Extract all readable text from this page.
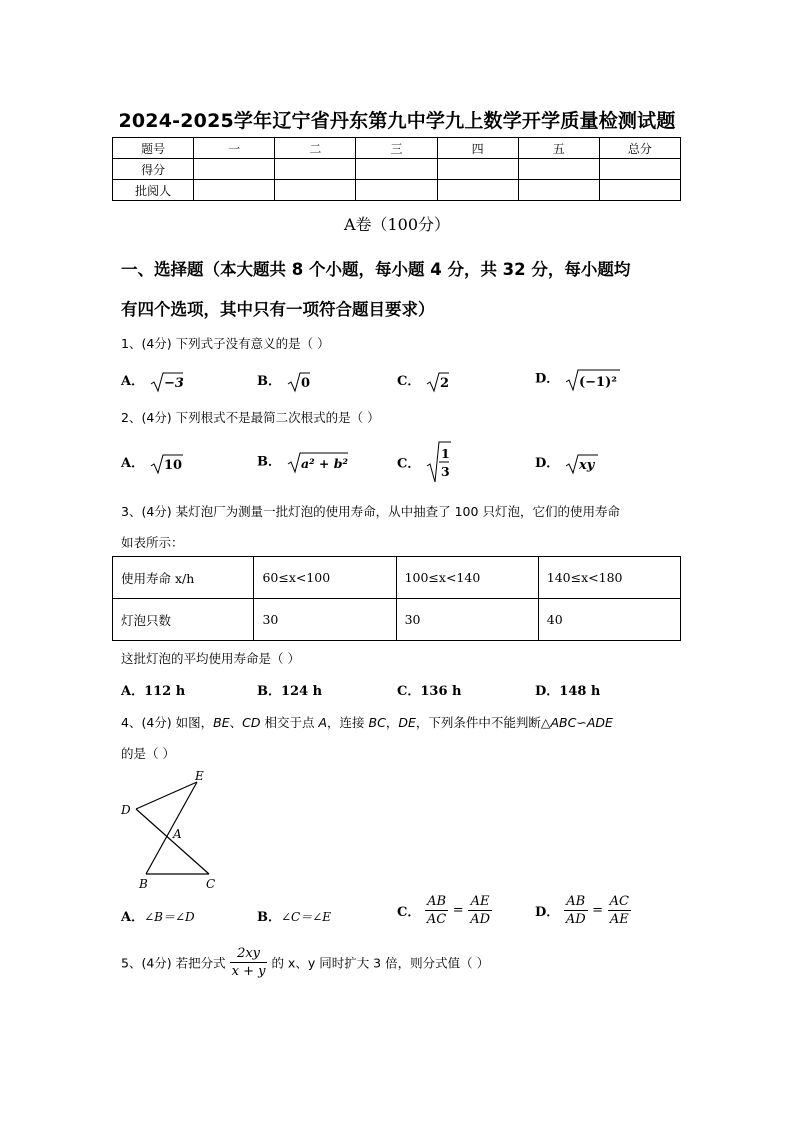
2024-2025学年辽宁省丹东第九中学九上数学开学质量检测试题
题号	一	二	三	四	五	总分
得分						
批阅人						
A卷（100分）
一、选择题（本大题共 8 个小题，每小题 4 分，共 32 分，每小题均
有四个选项，其中只有一项符合题目要求）
1、(4分) 下列式子没有意义的是（ ）
A． −3	B． 0	C． 2	D． (−1)²
2、(4分) 下列根式不是最简二次根式的是（ ）
A． 10	B． a² + b²	C．
1
3
D． xy
3、(4分) 某灯泡厂为测量一批灯泡的使用寿命，从中抽查了 100 只灯泡，它们的使用寿命
如表所示：
使用寿命 x/h	60≤x<100	100≤x<140	140≤x<180
灯泡只数	30	30	40
这批灯泡的平均使用寿命是（ ）
A．112 h	B．124 h	C．136 h	D．148 h
4、(4分) 如图，BE、CD 相交于点 A，连接 BC，DE，下列条件中不能判断△ABC∽ADE
的是（ ）
E
D
A
B	C
A．∠B＝∠D	B．∠C＝∠E	C． $\frac{AB}{AC} = \frac{AE}{AD}$	D． $\frac{AB}{AD} = \frac{AC}{AE}$
5、(4分) 若把分式 $\frac{2xy}{x + y}$ 的 x、y 同时扩大 3 倍，则分式值（ ）
